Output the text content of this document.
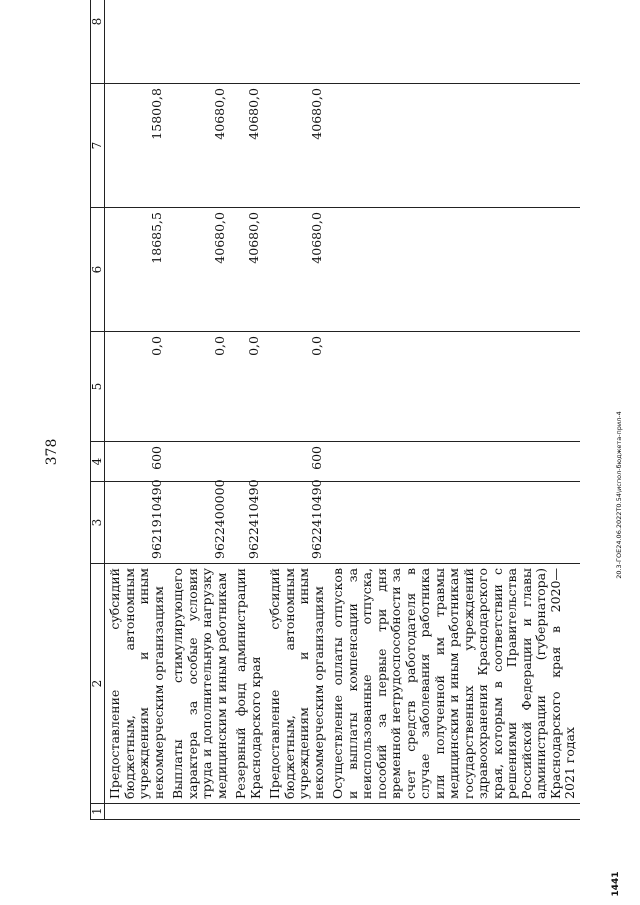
378
1	2	3	4	5	6	7	8
	Предоставление субсидий бюджетным, автономным учреждениям и иным некоммерческим организациям	9621910490	600	0,0	18685,5	15800,8	
	Выплаты стимулирующего характера за особые условия труда и дополнительную нагрузку медицинским и иным работникам	9622400000		0,0	40680,0	40680,0	
	Резервный фонд администрации Краснодарского края	9622410490		0,0	40680,0	40680,0	
	Предоставление субсидий бюджетным, автономным учреждениям и иным некоммерческим организациям	9622410490	600	0,0	40680,0	40680,0	
	Осуществление оплаты отпусков и выплаты компенсации за неиспользованные отпуска, пособий за первые три дня временной нетрудоспособности за счет средств работодателя в случае заболевания работника или полученной им травмы медицинским и иным работникам государственных учреждений здравоохранения Краснодарского края, которым в соответствии с решениями Правительства Российской Федерации и главы администрации (губернатора) Краснодарского края в 2020—2021 годах						
20.3-ГОЕ24.06.2022Т0.54\испол-бюджета-прил-4
1441
